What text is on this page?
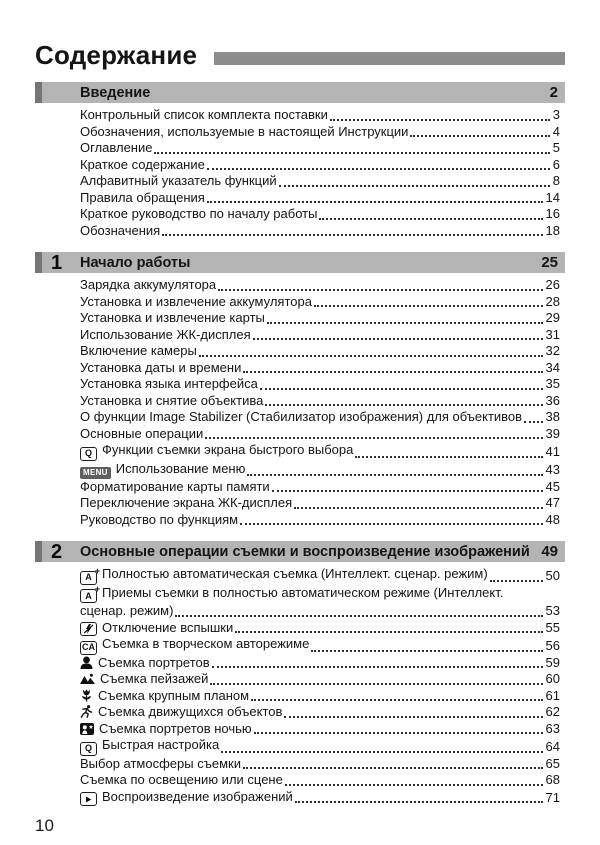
Содержание
Введение	2
Контрольный список комплекта поставки	3
Обозначения, используемые в настоящей Инструкции	4
Оглавление	5
Краткое содержание	6
Алфавитный указатель функций	8
Правила обращения	14
Краткое руководство по началу работы	16
Обозначения	18
1	Начало работы	25
Зарядка аккумулятора	26
Установка и извлечение аккумулятора	28
Установка и извлечение карты	29
Использование ЖК-дисплея	31
Включение камеры	32
Установка даты и времени	34
Установка языка интерфейса	35
Установка и снятие объектива	36
О функции Image Stabilizer (Стабилизатор изображения) для объективов 38
Основные операции	39
Q Функции съемки экрана быстрого выбора	41
MENU Использование меню	43
Форматирование карты памяти	45
Переключение экрана ЖК-дисплея	47
Руководство по функциям	48
2	Основные операции съемки и воспроизведение изображений 49
A
+ Полностью автоматическая съемка (Интеллект. сценар. режим)	50
A
+ Приемы съемки в полностью автоматическом режиме (Интеллект.
сценар. режим)	53
Отключение вспышки	55
CA Съемка в творческом авторежиме	56
Съемка портретов	59
Съемка пейзажей	60
Съемка крупным планом	61
Съемка движущихся объектов	62
Съемка портретов ночью	63
Q Быстрая настройка	64
Выбор атмосферы съемки	65
Съемка по освещению или сцене	68
Воспроизведение изображений	71
10
